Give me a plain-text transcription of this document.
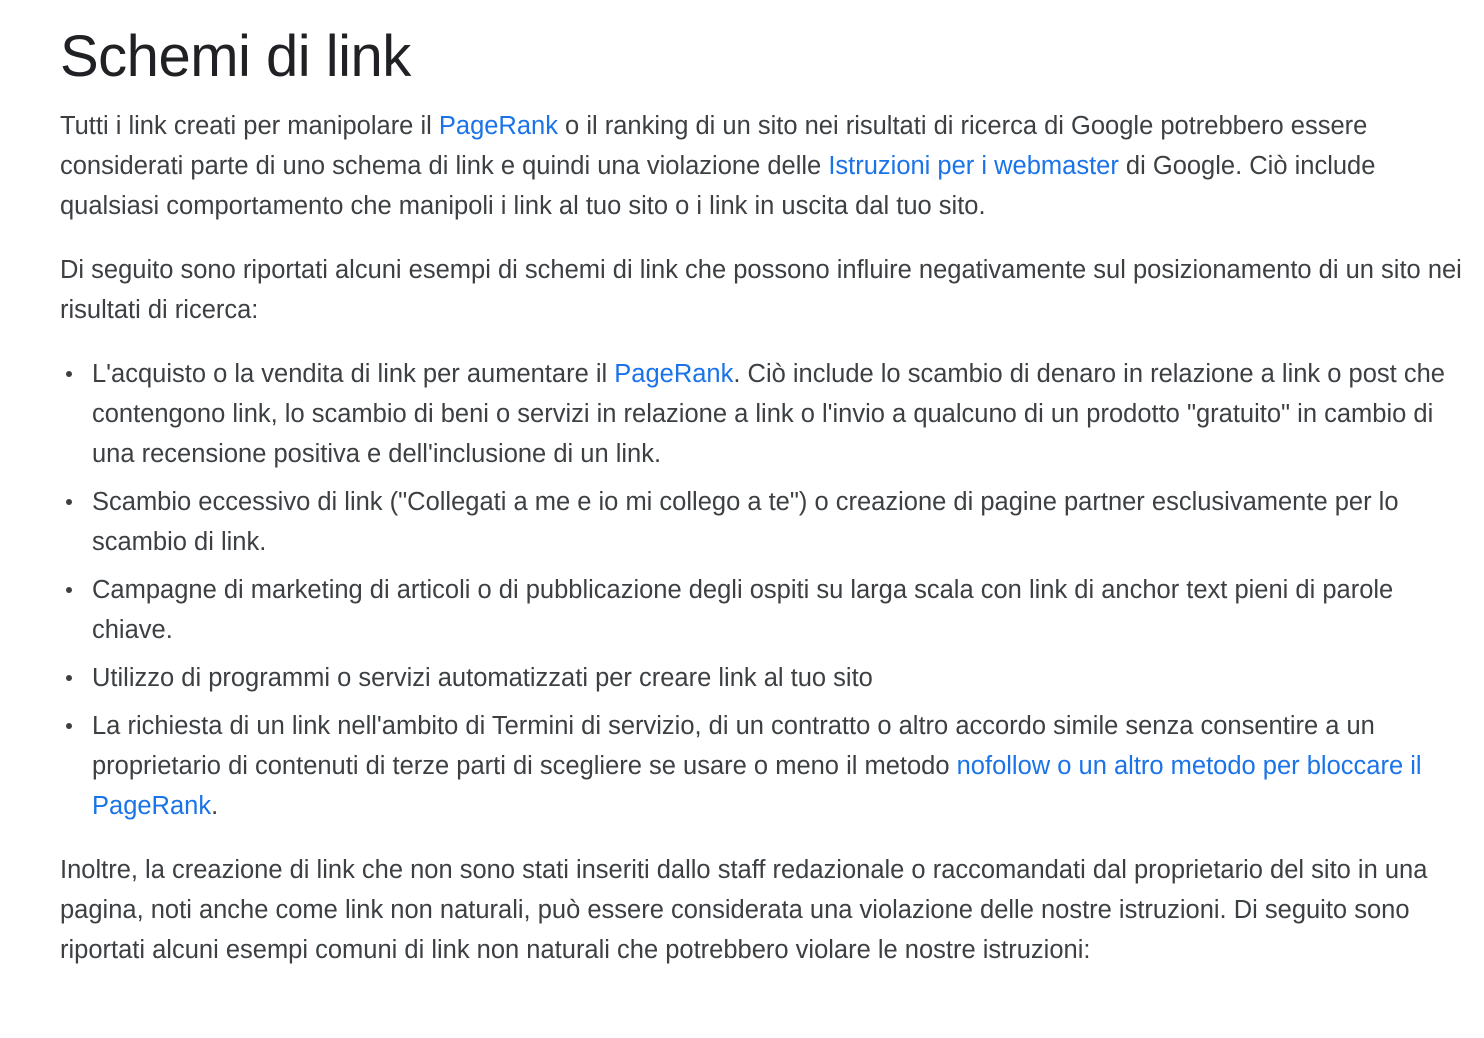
Schemi di link

Tutti i link creati per manipolare il PageRank o il ranking di un sito nei risultati di ricerca di Google potrebbero essere considerati parte di uno schema di link e quindi una violazione delle Istruzioni per i webmaster di Google. Ciò include qualsiasi comportamento che manipoli i link al tuo sito o i link in uscita dal tuo sito.

Di seguito sono riportati alcuni esempi di schemi di link che possono influire negativamente sul posizionamento di un sito nei risultati di ricerca:

L'acquisto o la vendita di link per aumentare il PageRank. Ciò include lo scambio di denaro in relazione a link o post che contengono link, lo scambio di beni o servizi in relazione a link o l'invio a qualcuno di un prodotto "gratuito" in cambio di una recensione positiva e dell'inclusione di un link.
Scambio eccessivo di link ("Collegati a me e io mi collego a te") o creazione di pagine partner esclusivamente per lo scambio di link.
Campagne di marketing di articoli o di pubblicazione degli ospiti su larga scala con link di anchor text pieni di parole chiave.
Utilizzo di programmi o servizi automatizzati per creare link al tuo sito
La richiesta di un link nell'ambito di Termini di servizio, di un contratto o altro accordo simile senza consentire a un proprietario di contenuti di terze parti di scegliere se usare o meno il metodo nofollow o un altro metodo per bloccare il PageRank.

Inoltre, la creazione di link che non sono stati inseriti dallo staff redazionale o raccomandati dal proprietario del sito in una pagina, noti anche come link non naturali, può essere considerata una violazione delle nostre istruzioni. Di seguito sono riportati alcuni esempi comuni di link non naturali che potrebbero violare le nostre istruzioni:
